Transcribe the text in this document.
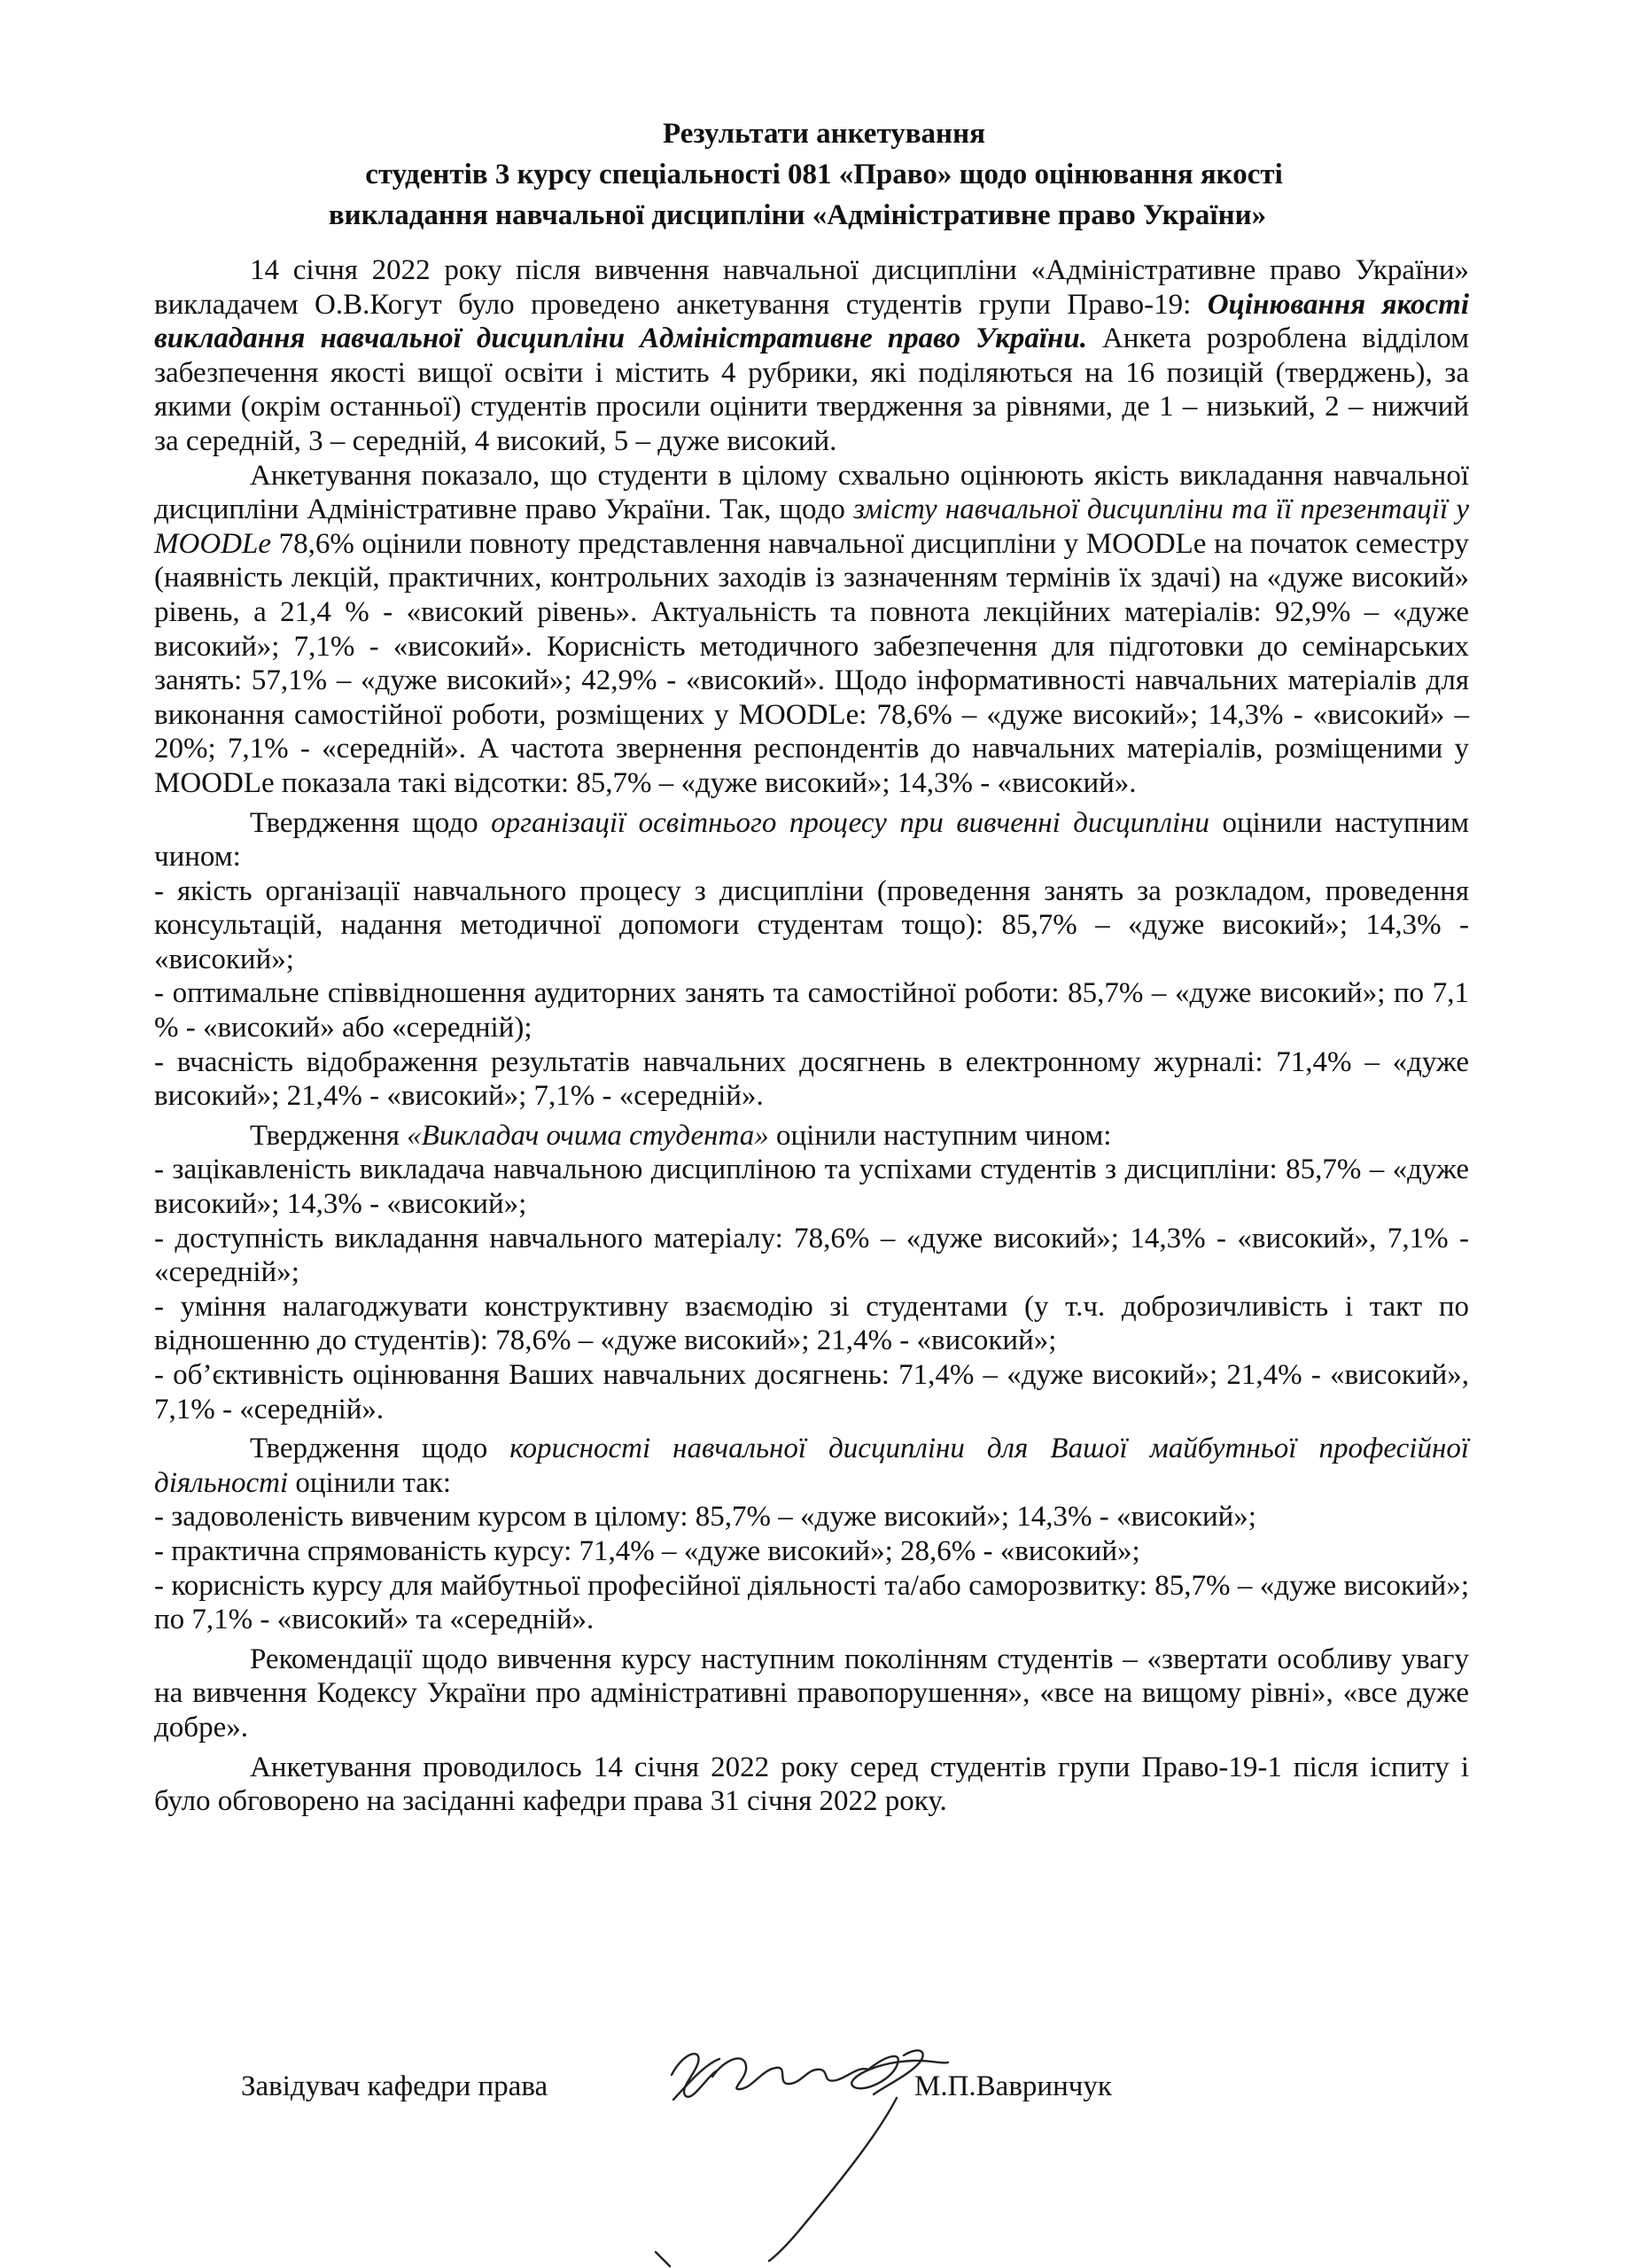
Результати анкетування
студентів 3 курсу спеціальності 081 «Право» щодо оцінювання якості
викладання навчальної дисципліни «Адміністративне право України»

14 січня 2022 року після вивчення навчальної дисципліни «Адміністративне право України» викладачем О.В.Когут було проведено анкетування студентів групи Право-19: Оцінювання якості викладання навчальної дисципліни Адміністративне право України. Анкета розроблена відділом забезпечення якості вищої освіти і містить 4 рубрики, які поділяються на 16 позицій (тверджень), за якими (окрім останньої) студентів просили оцінити твердження за рівнями, де 1 – низький, 2 – нижчий за середній, 3 – середній, 4 високий, 5 – дуже високий.

Анкетування показало, що студенти в цілому схвально оцінюють якість викладання навчальної дисципліни Адміністративне право України. Так, щодо змісту навчальної дисципліни та її презентації у MOODLe 78,6% оцінили повноту представлення навчальної дисципліни у MOODLe на початок семестру (наявність лекцій, практичних, контрольних заходів із зазначенням термінів їх здачі) на «дуже високий» рівень, а 21,4 % - «високий рівень». Актуальність та повнота лекційних матеріалів: 92,9% – «дуже високий»; 7,1% - «високий». Корисність методичного забезпечення для підготовки до семінарських занять: 57,1% – «дуже високий»; 42,9% - «високий». Щодо інформативності навчальних матеріалів для виконання самостійної роботи, розміщених у MOODLe: 78,6% – «дуже високий»; 14,3% - «високий» – 20%; 7,1% - «середній». А частота звернення респондентів до навчальних матеріалів, розміщеними у MOODLe показала такі відсотки: 85,7% – «дуже високий»; 14,3% - «високий».

Твердження щодо організації освітнього процесу при вивченні дисципліни оцінили наступним чином:

- якість організації навчального процесу з дисципліни (проведення занять за розкладом, проведення консультацій, надання методичної допомоги студентам тощо): 85,7% – «дуже високий»; 14,3% - «високий»;

- оптимальне співвідношення аудиторних занять та самостійної роботи: 85,7% – «дуже високий»; по 7,1 % - «високий» або «середній);

- вчасність відображення результатів навчальних досягнень в електронному журналі: 71,4% – «дуже високий»; 21,4% - «високий»; 7,1% - «середній».

Твердження «Викладач очима студента» оцінили наступним чином:

- зацікавленість викладача навчальною дисципліною та успіхами студентів з дисципліни: 85,7% – «дуже високий»; 14,3% - «високий»;

- доступність викладання навчального матеріалу: 78,6% – «дуже високий»; 14,3% - «високий», 7,1% - «середній»;

- уміння налагоджувати конструктивну взаємодію зі студентами (у т.ч. доброзичливість і такт по відношенню до студентів): 78,6% – «дуже високий»; 21,4% - «високий»;

- об’єктивність оцінювання Ваших навчальних досягнень: 71,4% – «дуже високий»; 21,4% - «високий», 7,1% - «середній».

Твердження щодо корисності навчальної дисципліни для Вашої майбутньої професійної діяльності оцінили так:

- задоволеність вивченим курсом в цілому: 85,7% – «дуже високий»; 14,3% - «високий»;

- практична спрямованість курсу: 71,4% – «дуже високий»; 28,6% - «високий»;

- корисність курсу для майбутньої професійної діяльності та/або саморозвитку: 85,7% – «дуже високий»; по 7,1% - «високий» та «середній».

Рекомендації щодо вивчення курсу наступним поколінням студентів – «звертати особливу увагу на вивчення Кодексу України про адміністративні правопорушення», «все на вищому рівні», «все дуже добре».

Анкетування проводилось 14 січня 2022 року серед студентів групи Право-19-1 після іспиту і було обговорено на засіданні кафедри права 31 січня 2022 року.

Завідувач кафедри права	М.П.Вавринчук
